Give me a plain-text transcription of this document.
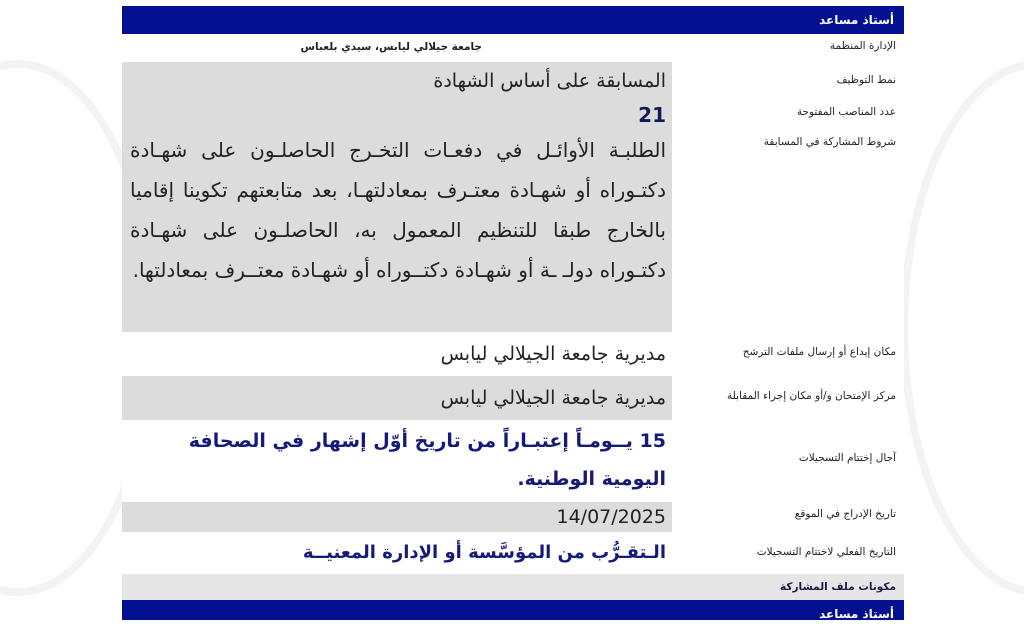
أستاذ مساعد
الإدارة المنظمة
جامعة جيلالي ليابس، سيدي بلعباس
نمط التوظيف
المسابقة على أساس الشهادة
عدد المناصب المفتوحة
21
شروط المشاركة في المسابقة
الطلبـة الأوائـل في دفعـات التخـرج الحاصلـون على شهـادة دكتـوراه أو شهـادة معتـرف بمعادلتهـا، بعد متابعتهم تكوينا إقاميا بالخارج طبقا للتنظيم المعمول به، الحاصلـون على شهـادة دكتـوراه دولـ ـة أو شهـادة دكتــوراه أو شهـادة معتــرف بمعادلتها.
مكان إيداع أو إرسال ملفات الترشح
مديرية جامعة الجيلالي ليابس
مركز الإمتحان و/أو مكان إجراء المقابلة
مديرية جامعة الجيلالي ليابس
آجال إختتام التسجيلات
15 يــومـاً إعتبـاراً من تاريخ أوّل إشهار في الصحافة اليومية الوطنية.
تاريخ الإدراج في الموقع
14/07/2025
التاريخ الفعلي لاختتام التسجيلات
الـتقـرُّب من المؤسَّسة أو الإدارة المعنيــة
مكونات ملف المشاركة
أستاذ مساعد
